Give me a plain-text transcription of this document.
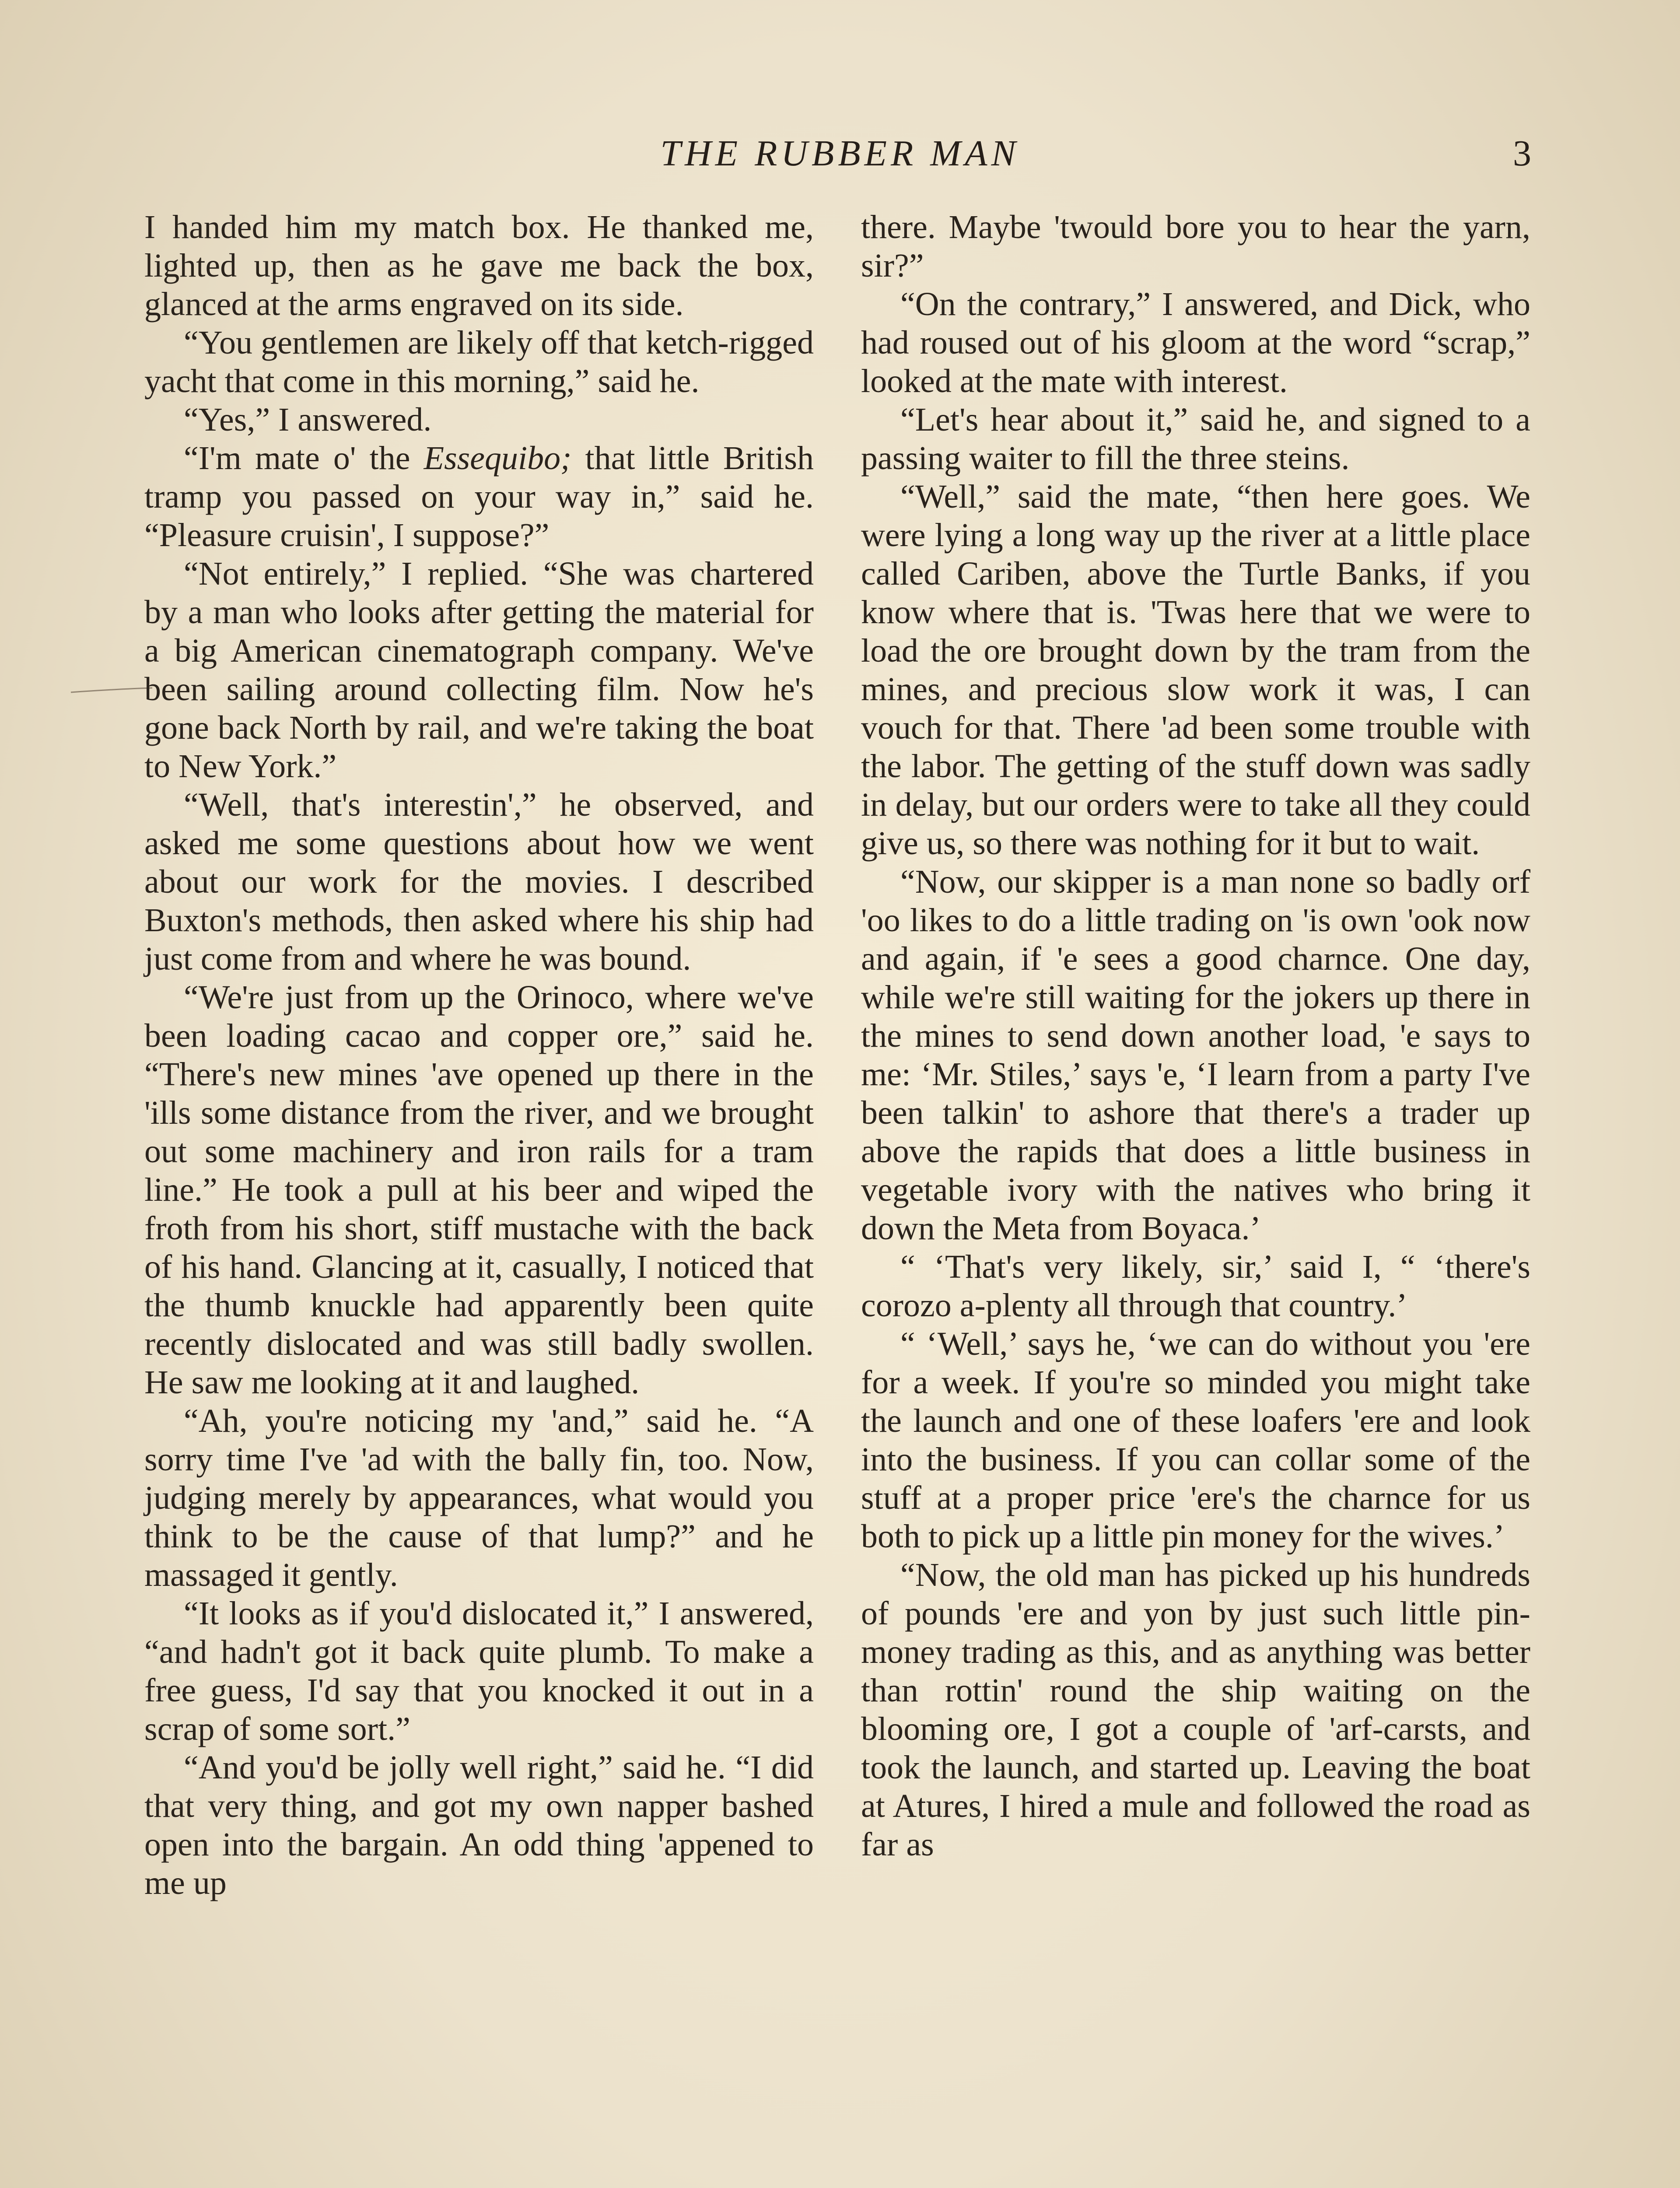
THE RUBBER MAN	3

I handed him my match box. He thanked me, lighted up, then as he gave me back the box, glanced at the arms engraved on its side.

“You gentlemen are likely off that ketch-rigged yacht that come in this morning,” said he.

“Yes,” I answered.

“I'm mate o' the Essequibo; that little British tramp you passed on your way in,” said he. “Pleasure cruisin', I suppose?”

“Not entirely,” I replied. “She was chartered by a man who looks after getting the material for a big American cinematograph company. We've been sailing around collecting film. Now he's gone back North by rail, and we're taking the boat to New York.”

“Well, that's interestin',” he observed, and asked me some questions about how we went about our work for the movies. I described Buxton's methods, then asked where his ship had just come from and where he was bound.

“We're just from up the Orinoco, where we've been loading cacao and copper ore,” said he. “There's new mines 'ave opened up there in the 'ills some distance from the river, and we brought out some machinery and iron rails for a tram line.” He took a pull at his beer and wiped the froth from his short, stiff mustache with the back of his hand. Glancing at it, casually, I noticed that the thumb knuckle had apparently been quite recently dislocated and was still badly swollen. He saw me looking at it and laughed.

“Ah, you're noticing my 'and,” said he. “A sorry time I've 'ad with the bally fin, too. Now, judging merely by appearances, what would you think to be the cause of that lump?” and he massaged it gently.

“It looks as if you'd dislocated it,” I answered, “and hadn't got it back quite plumb. To make a free guess, I'd say that you knocked it out in a scrap of some sort.”

“And you'd be jolly well right,” said he. “I did that very thing, and got my own napper bashed open into the bargain. An odd thing 'appened to me up

there. Maybe 'twould bore you to hear the yarn, sir?”

“On the contrary,” I answered, and Dick, who had roused out of his gloom at the word “scrap,” looked at the mate with interest.

“Let's hear about it,” said he, and signed to a passing waiter to fill the three steins.

“Well,” said the mate, “then here goes. We were lying a long way up the river at a little place called Cariben, above the Turtle Banks, if you know where that is. 'Twas here that we were to load the ore brought down by the tram from the mines, and precious slow work it was, I can vouch for that. There 'ad been some trouble with the labor. The getting of the stuff down was sadly in delay, but our orders were to take all they could give us, so there was nothing for it but to wait.

“Now, our skipper is a man none so badly orf 'oo likes to do a little trading on 'is own 'ook now and again, if 'e sees a good charnce. One day, while we're still waiting for the jokers up there in the mines to send down another load, 'e says to me: ‘Mr. Stiles,’ says 'e, ‘I learn from a party I've been talkin' to ashore that there's a trader up above the rapids that does a little business in vegetable ivory with the natives who bring it down the Meta from Boyaca.’

“ ‘That's very likely, sir,’ said I, “ ‘there's corozo a-plenty all through that country.’

“ ‘Well,’ says he, ‘we can do without you 'ere for a week. If you're so minded you might take the launch and one of these loafers 'ere and look into the business. If you can collar some of the stuff at a proper price 'ere's the charnce for us both to pick up a little pin money for the wives.’

“Now, the old man has picked up his hundreds of pounds 'ere and yon by just such little pin-money trading as this, and as anything was better than rottin' round the ship waiting on the blooming ore, I got a couple of 'arf-carsts, and took the launch, and started up. Leaving the boat at Atures, I hired a mule and followed the road as far as
